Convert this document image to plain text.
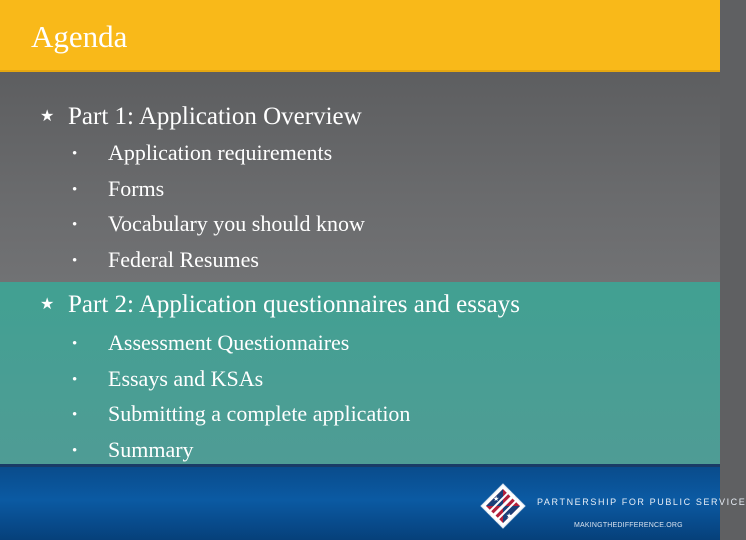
Agenda
★ Part 1: Application Overview
• Application requirements
• Forms
• Vocabulary you should know
• Federal Resumes
★ Part 2: Application questionnaires and essays
• Assessment Questionnaires
• Essays and KSAs
• Submitting a complete application
• Summary
★
★
PARTNERSHIP FOR PUBLIC SERVICE
MAKINGTHEDIFFERENCE.ORG
